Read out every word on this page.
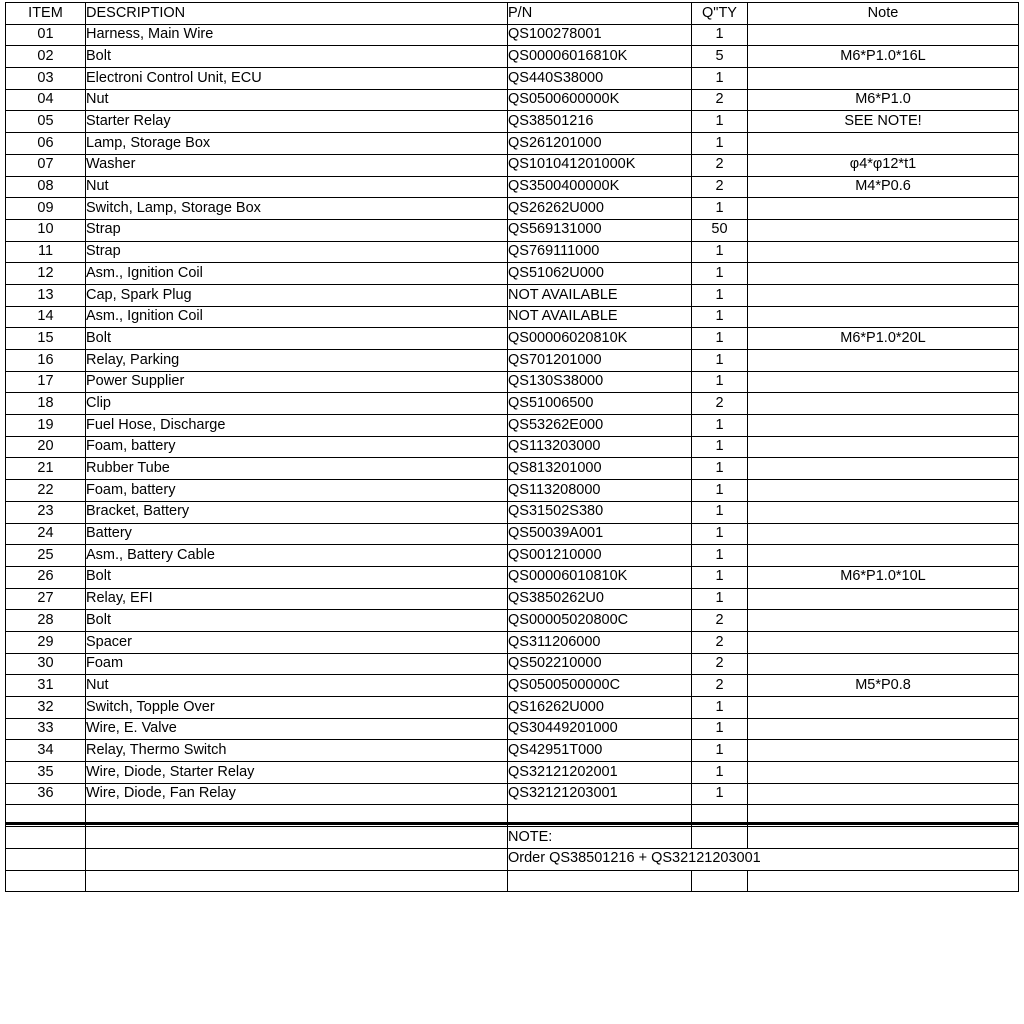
ITEM	DESCRIPTION	P/N	Q"TY	Note
01	Harness, Main Wire	QS100278001	1	
02	Bolt	QS00006016810K	5	M6*P1.0*16L
03	Electroni Control Unit, ECU	QS440S38000	1	
04	Nut	QS0500600000K	2	M6*P1.0
05	Starter Relay	QS38501216	1	SEE NOTE!
06	Lamp, Storage Box	QS261201000	1	
07	Washer	QS101041201000K	2	φ4*φ12*t1
08	Nut	QS3500400000K	2	M4*P0.6
09	Switch, Lamp, Storage Box	QS26262U000	1	
10	Strap	QS569131000	50	
11	Strap	QS769111000	1	
12	Asm., Ignition Coil	QS51062U000	1	
13	Cap, Spark Plug	NOT AVAILABLE	1	
14	Asm., Ignition Coil	NOT AVAILABLE	1	
15	Bolt	QS00006020810K	1	M6*P1.0*20L
16	Relay, Parking	QS701201000	1	
17	Power Supplier	QS130S38000	1	
18	Clip	QS51006500	2	
19	Fuel Hose, Discharge	QS53262E000	1	
20	Foam, battery	QS113203000	1	
21	Rubber Tube	QS813201000	1	
22	Foam, battery	QS113208000	1	
23	Bracket, Battery	QS31502S380	1	
24	Battery	QS50039A001	1	
25	Asm., Battery Cable	QS001210000	1	
26	Bolt	QS00006010810K	1	M6*P1.0*10L
27	Relay, EFI	QS3850262U0	1	
28	Bolt	QS00005020800C	2	
29	Spacer	QS311206000	2	
30	Foam	QS502210000	2	
31	Nut	QS0500500000C	2	M5*P0.8
32	Switch, Topple Over	QS16262U000	1	
33	Wire, E. Valve	QS30449201000	1	
34	Relay, Thermo Switch	QS42951T000	1	
35	Wire, Diode, Starter Relay	QS32121202001	1	
36	Wire, Diode, Fan Relay	QS32121203001	1	

		NOTE:		
		Order QS38501216 + QS32121203001		
